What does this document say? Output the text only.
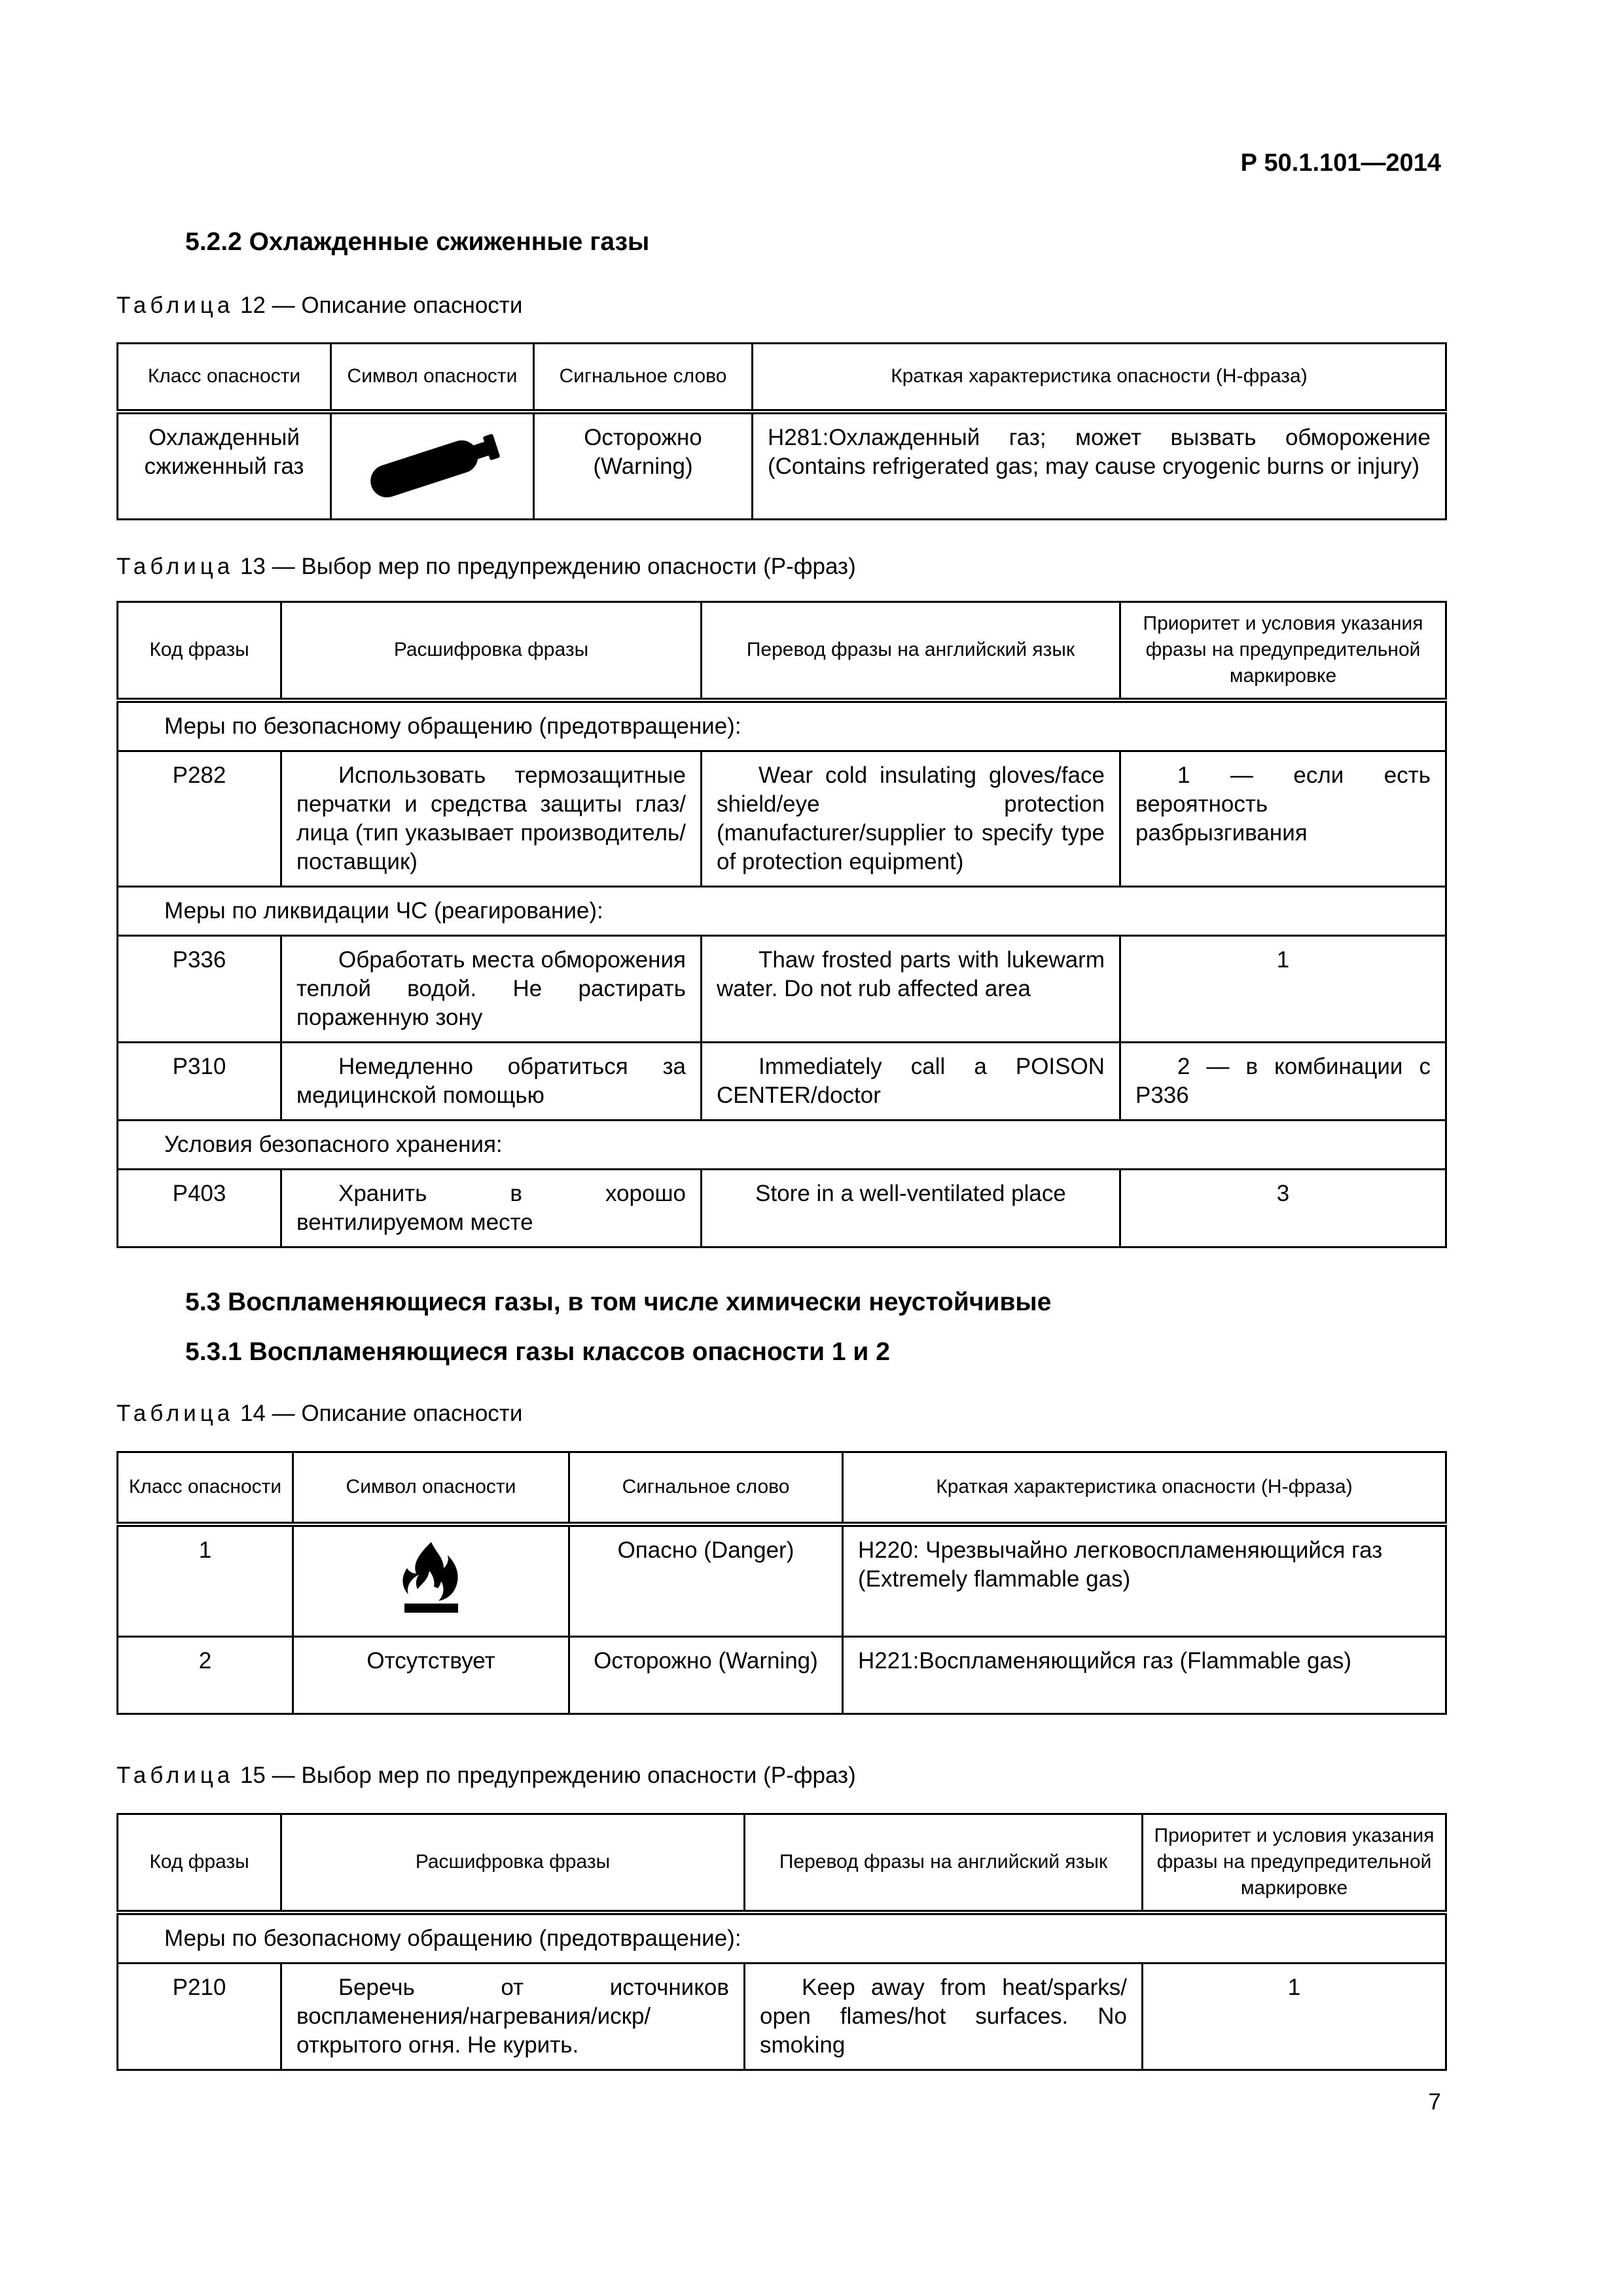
Р 50.1.101—2014
5.2.2 Охлажденные сжиженные газы
Таблица 12 — Описание опасности
Класс опасности	Символ опасности	Сигнальное слово	Краткая характеристика опасности (Н-фраза)
Охлажденный сжиженный газ		Осторожно (Warning)	H281:Охлажденный газ; может вызвать обморожение (Contains refrigerated gas; may cause cryogenic burns or injury)
Таблица 13 — Выбор мер по предупреждению опасности (Р-фраз)
Код фразы	Расшифровка фразы	Перевод фразы на английский язык	Приоритет и условия указания фразы на предупредительной маркировке
Меры по безопасному обращению (предотвращение):			
P282	Использовать термозащитные перчатки и средства защиты глаз/лица (тип указывает производитель/поставщик)	Wear cold insulating gloves/face shield/eye protection (manufacturer/supplier to specify type of protection equipment)	1 — если есть вероятность разбрызгивания
Меры по ликвидации ЧС (реагирование):			
P336	Обработать места обморожения теплой водой. Не растирать пораженную зону	Thaw frosted parts with lukewarm water. Do not rub affected area	1
P310	Немедленно обратиться за медицинской помощью	Immediately call a POISON CENTER/doctor	2 — в комбинации с P336
Условия безопасного хранения:			
P403	Хранить в хорошо вентилируемом месте	Store in a well-ventilated place	3
5.3 Воспламеняющиеся газы, в том числе химически неустойчивые
5.3.1 Воспламеняющиеся газы классов опасности 1 и 2
Таблица 14 — Описание опасности
Класс опасности	Символ опасности	Сигнальное слово	Краткая характеристика опасности (Н-фраза)
1		Опасно (Danger)	H220: Чрезвычайно легковоспламеняющийся газ (Extremely flammable gas)
2	Отсутствует	Осторожно (Warning)	H221:Воспламеняющийся газ (Flammable gas)
Таблица 15 — Выбор мер по предупреждению опасности (Р-фраз)
Код фразы	Расшифровка фразы	Перевод фразы на английский язык	Приоритет и условия указания фразы на предупредительной маркировке
Меры по безопасному обращению (предотвращение):			
P210	Беречь от источников воспламенения/нагревания/искр/ открытого огня. Не курить.	Keep away from heat/sparks/ open flames/hot surfaces. No smoking	1
7
